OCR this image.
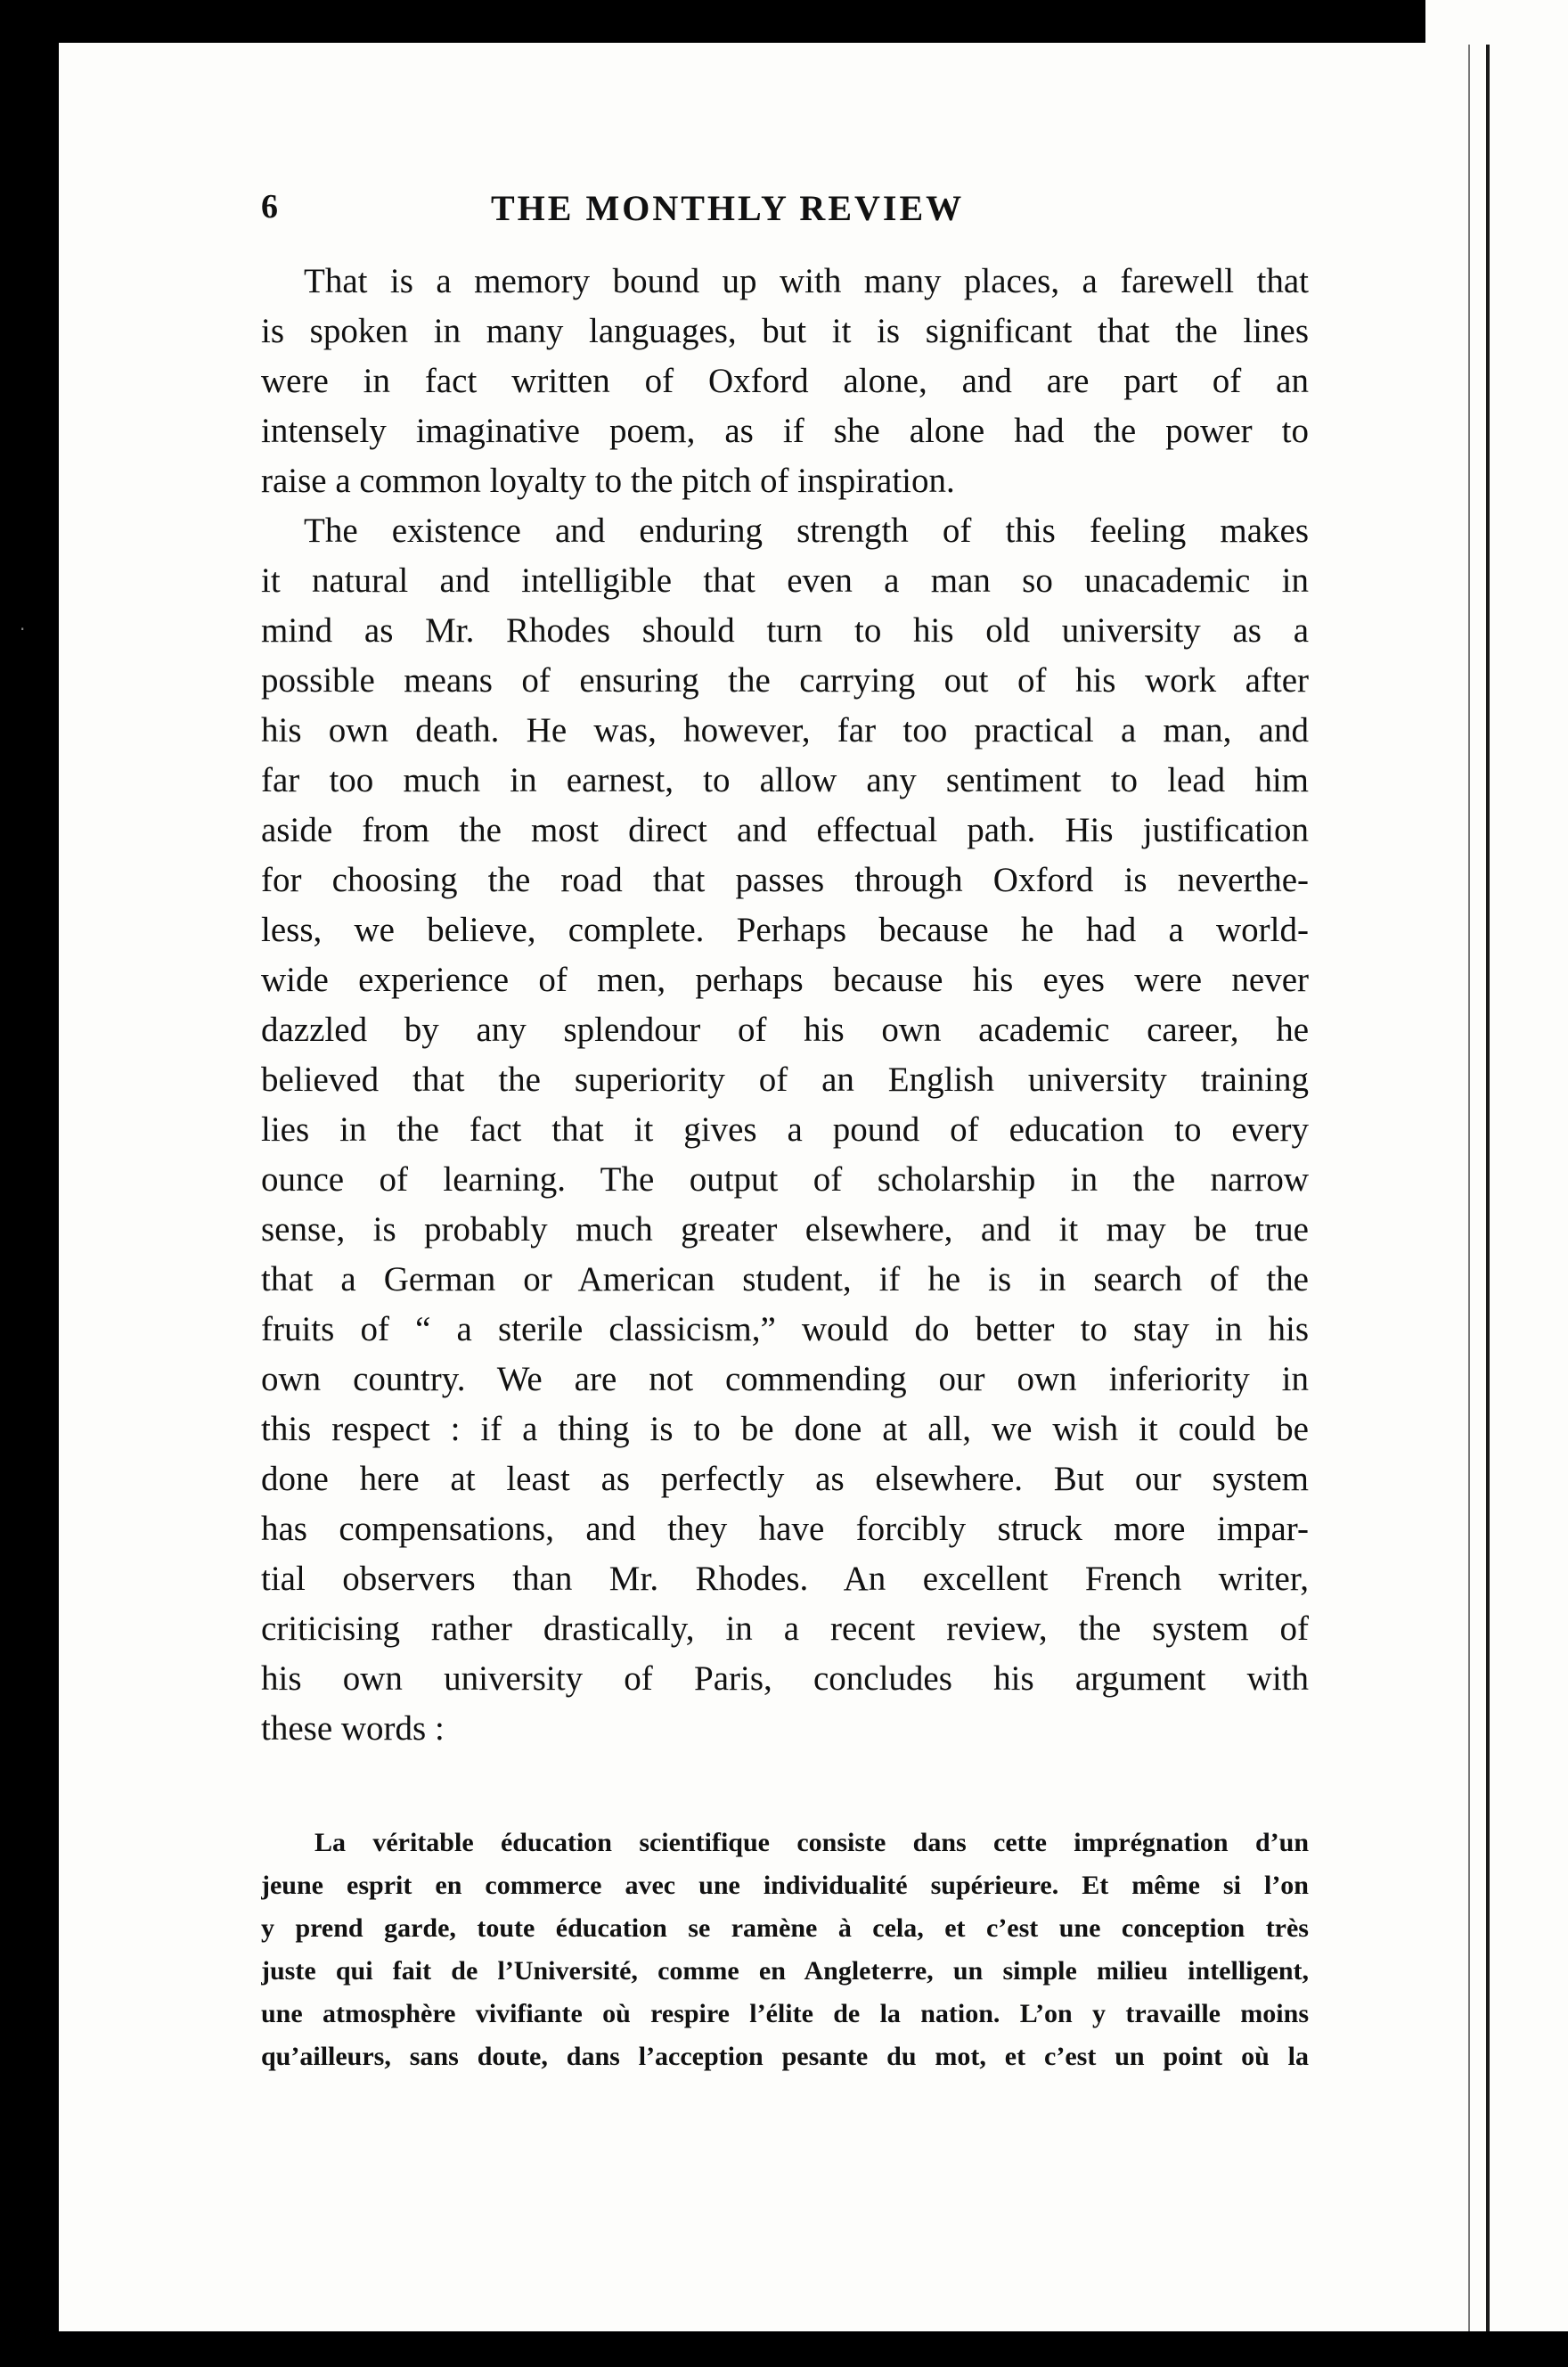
·
6	THE MONTHLY REVIEW
That is a memory bound up with many places, a farewell that
is spoken in many languages, but it is significant that the lines
were in fact written of Oxford alone, and are part of an
intensely imaginative poem, as if she alone had the power to
raise a common loyalty to the pitch of inspiration.
The existence and enduring strength of this feeling makes
it natural and intelligible that even a man so unacademic in
mind as Mr. Rhodes should turn to his old university as a
possible means of ensuring the carrying out of his work after
his own death. He was, however, far too practical a man, and
far too much in earnest, to allow any sentiment to lead him
aside from the most direct and effectual path. His justification
for choosing the road that passes through Oxford is neverthe-
less, we believe, complete. Perhaps because he had a world-
wide experience of men, perhaps because his eyes were never
dazzled by any splendour of his own academic career, he
believed that the superiority of an English university training
lies in the fact that it gives a pound of education to every
ounce of learning. The output of scholarship in the narrow
sense, is probably much greater elsewhere, and it may be true
that a German or American student, if he is in search of the
fruits of “ a sterile classicism,” would do better to stay in his
own country. We are not commending our own inferiority in
this respect : if a thing is to be done at all, we wish it could be
done here at least as perfectly as elsewhere. But our system
has compensations, and they have forcibly struck more impar-
tial observers than Mr. Rhodes. An excellent French writer,
criticising rather drastically, in a recent review, the system of
his own university of Paris, concludes his argument with
these words :
La véritable éducation scientifique consiste dans cette imprégnation d’un
jeune esprit en commerce avec une individualité supérieure. Et même si l’on
y prend garde, toute éducation se ramène à cela, et c’est une conception très
juste qui fait de l’Université, comme en Angleterre, un simple milieu intelligent,
une atmosphère vivifiante où respire l’élite de la nation. L’on y travaille moins
qu’ailleurs, sans doute, dans l’acception pesante du mot, et c’est un point où la
